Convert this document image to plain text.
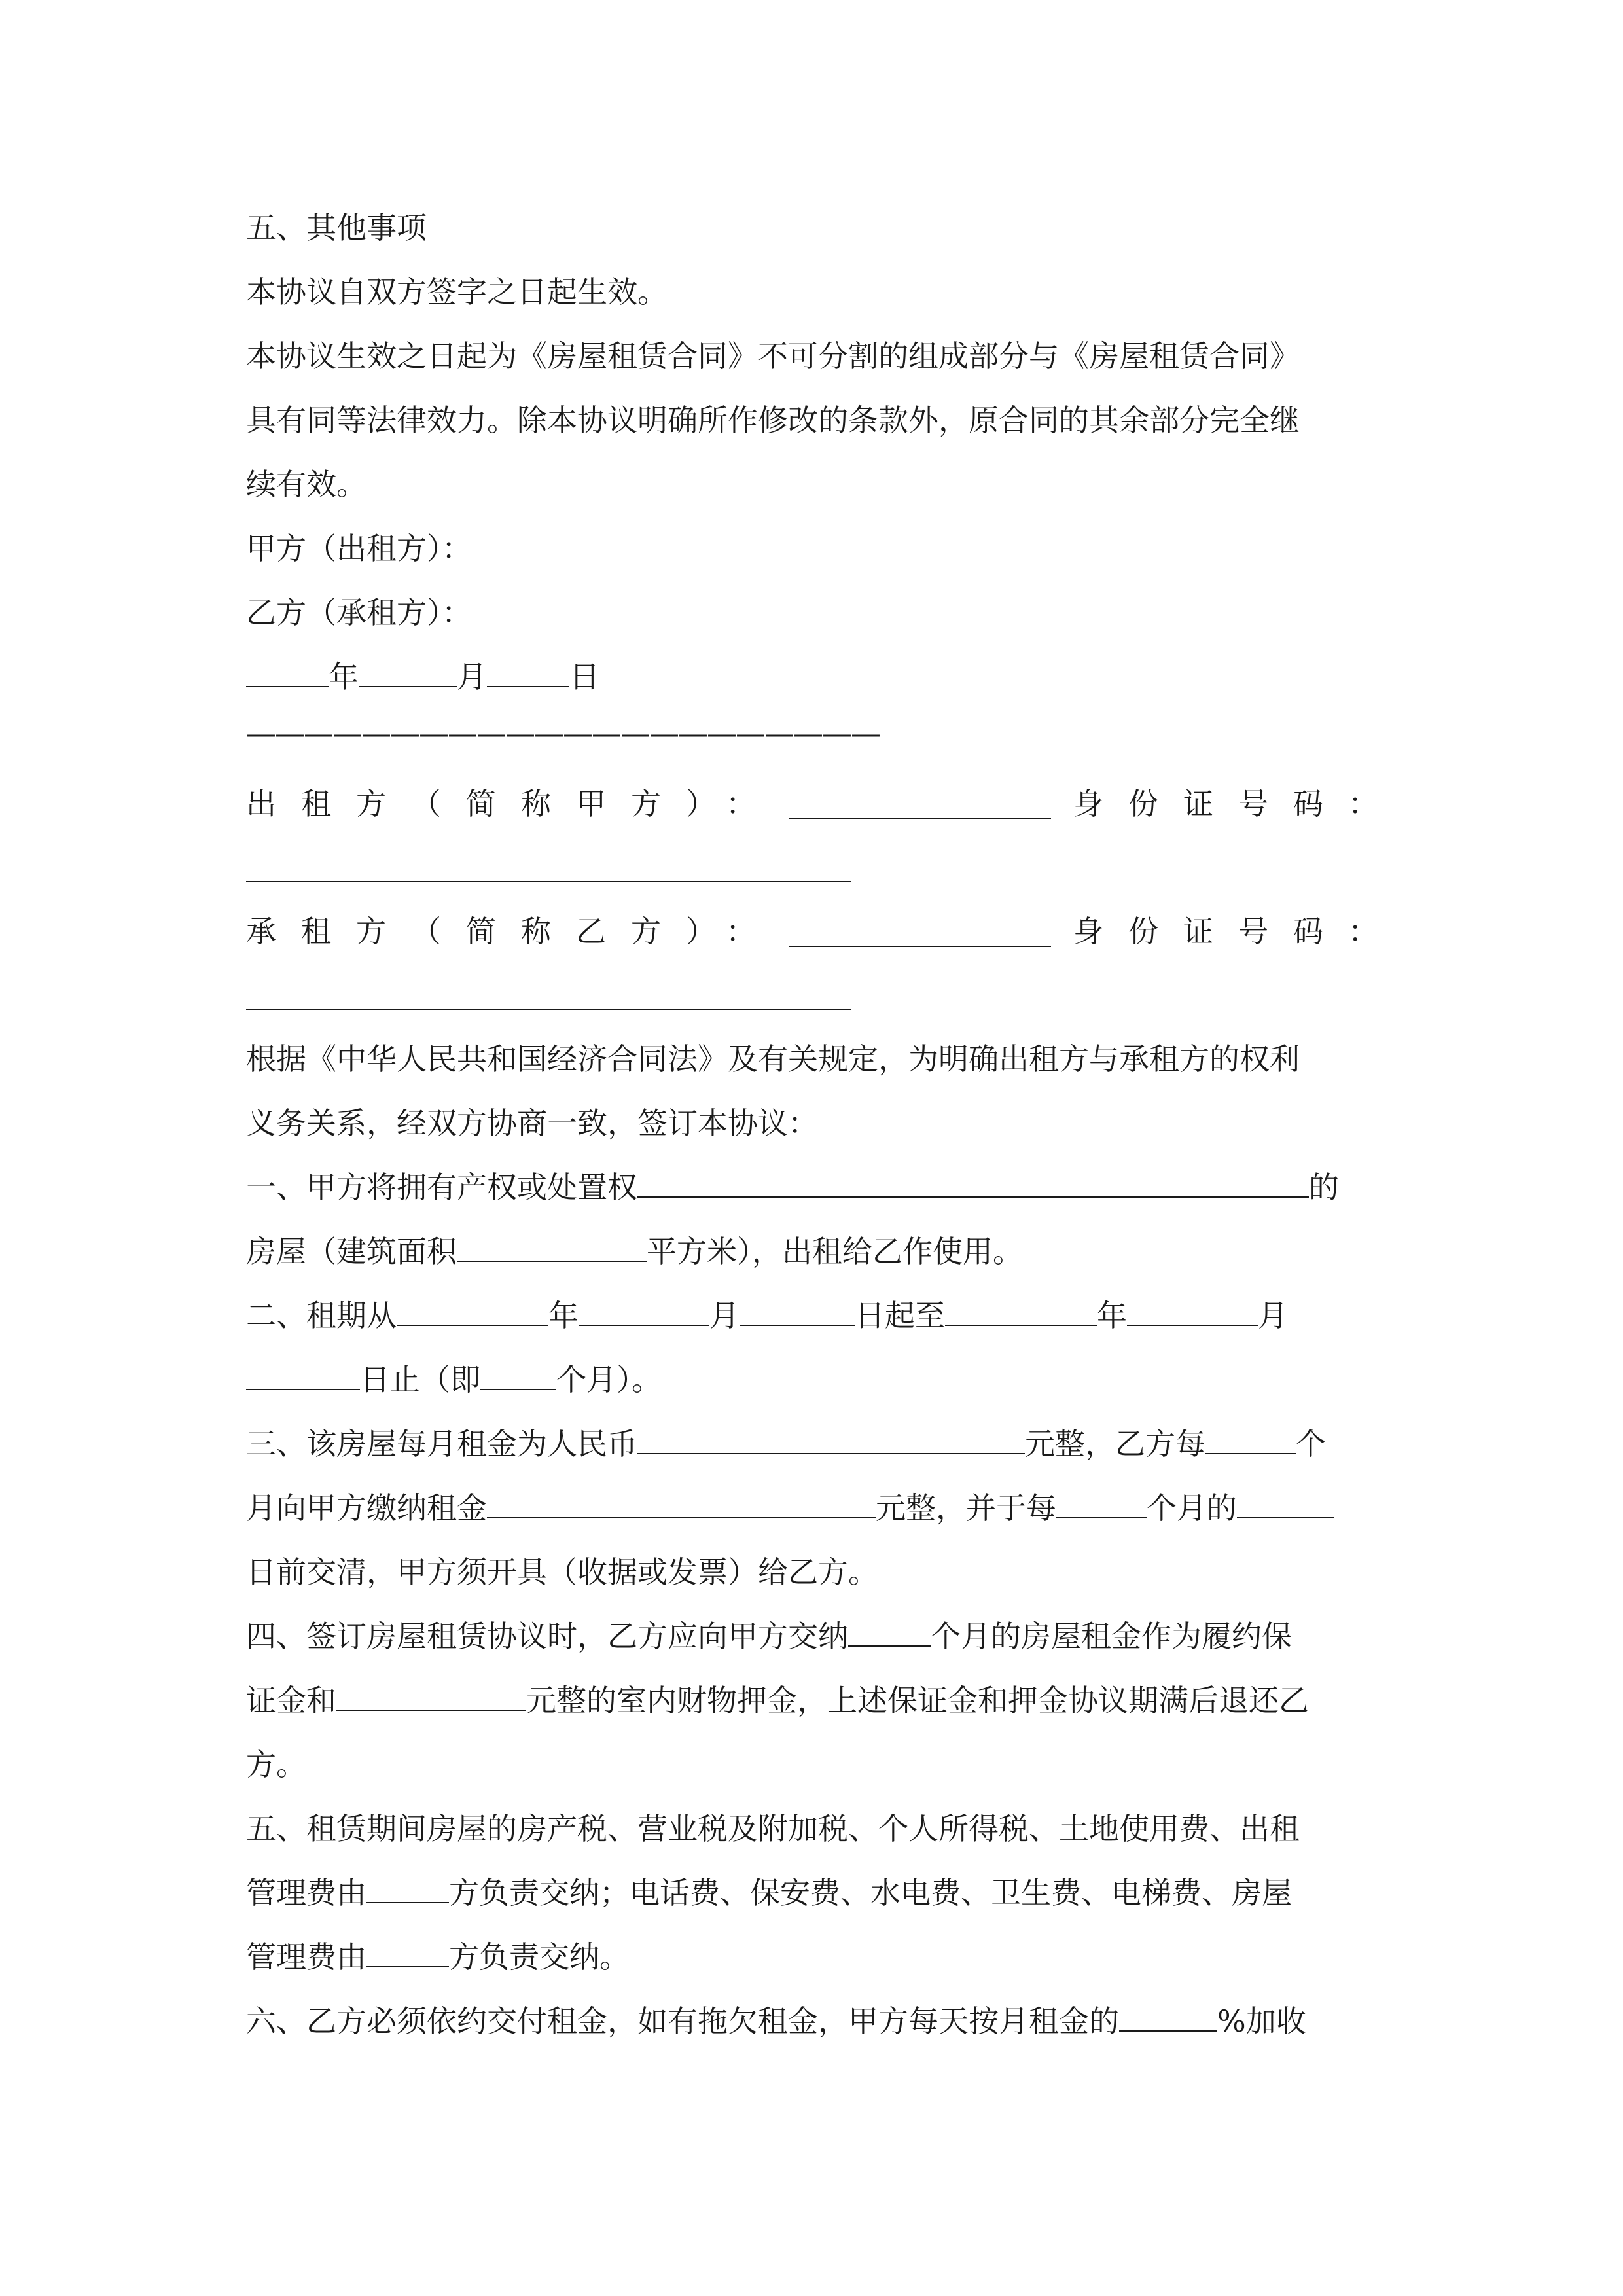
五、其他事项
本协议自双方签字之日起生效。
本协议生效之日起为《房屋租赁合同》不可分割的组成部分与《房屋租赁合同》
具有同等法律效力。除本协议明确所作修改的条款外，原合同的其余部分完全继
续有效。
甲方（出租方）：
乙方（承租方）：
年	月	日
——————————————————————
出租方（简称甲方）：	身份证号码：
承租方（简称乙方）：	身份证号码：
根据《中华人民共和国经济合同法》及有关规定，为明确出租方与承租方的权利
义务关系，经双方协商一致，签订本协议：
一、甲方将拥有产权或处置权	的
房屋（建筑面积	平方米），出租给乙作使用。
二、租期从	年	月	日起至	年	月
日止（即	个月）。
三、该房屋每月租金为人民币	元整，乙方每	个
月向甲方缴纳租金	元整，并于每	个月的
日前交清，甲方须开具（收据或发票）给乙方。
四、签订房屋租赁协议时，乙方应向甲方交纳	个月的房屋租金作为履约保
证金和	元整的室内财物押金，上述保证金和押金协议期满后退还乙
方。
五、租赁期间房屋的房产税、营业税及附加税、个人所得税、土地使用费、出租
管理费由	方负责交纳；电话费、保安费、水电费、卫生费、电梯费、房屋
管理费由	方负责交纳。
六、乙方必须依约交付租金，如有拖欠租金，甲方每天按月租金的	%加收
